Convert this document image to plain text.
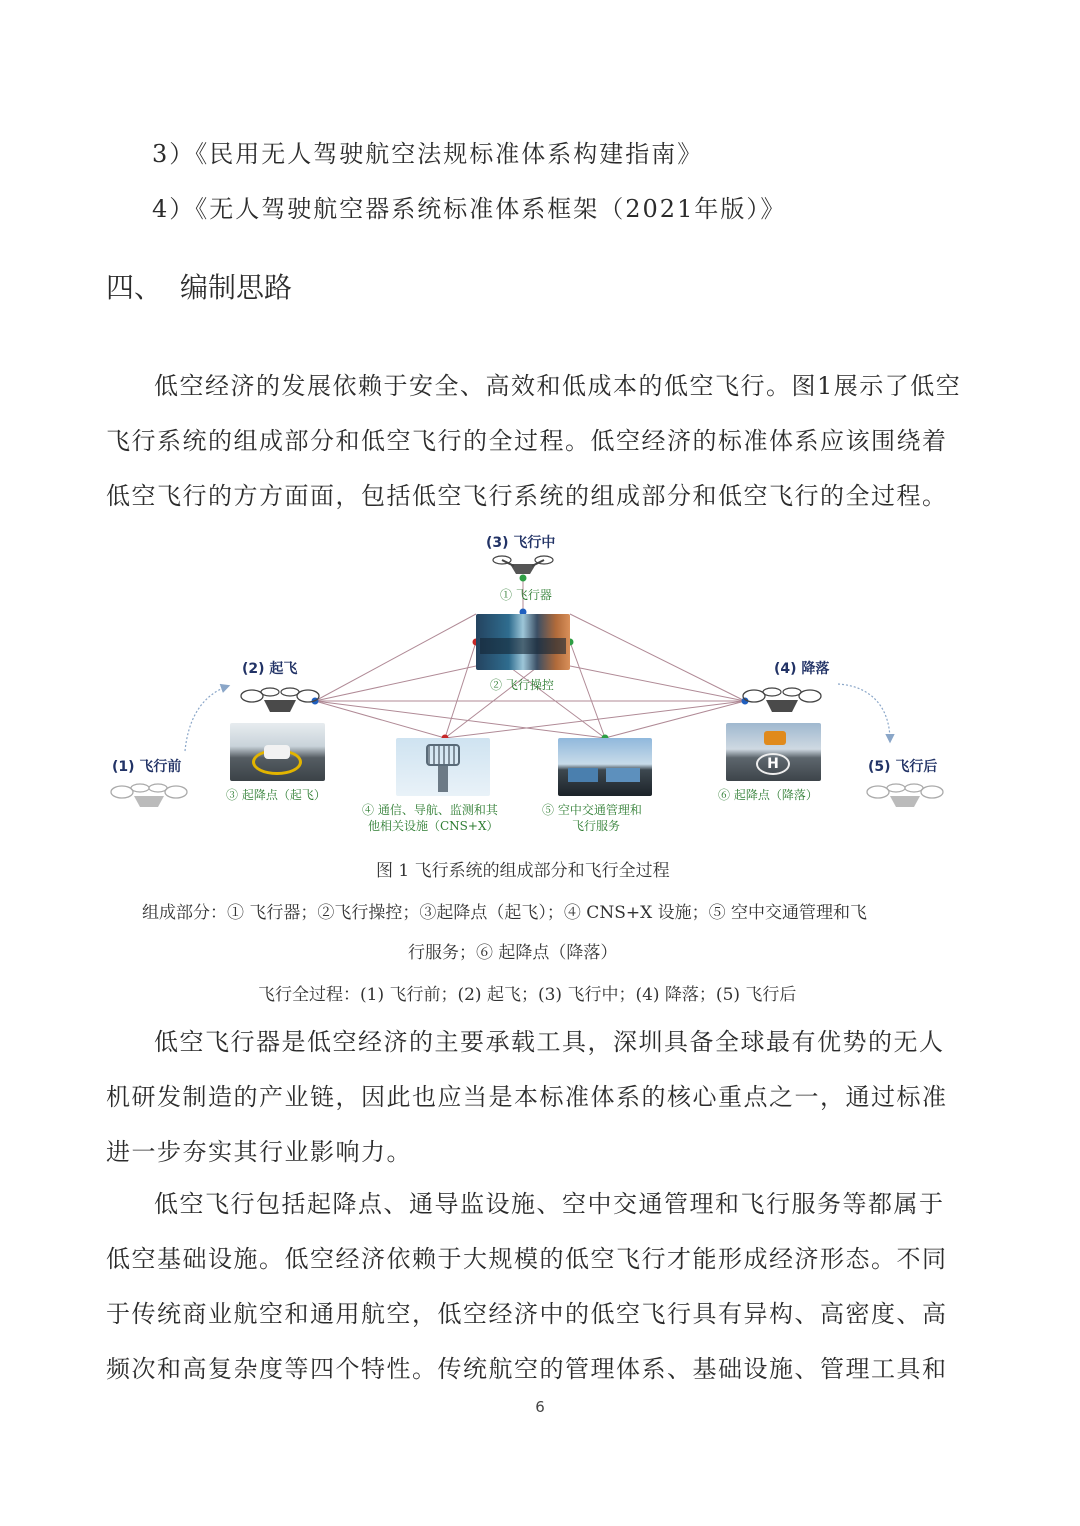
3）《民用无人驾驶航空法规标准体系构建指南》
4）《无人驾驶航空器系统标准体系框架（2021年版）》
四、 编制思路
低空经济的发展依赖于安全、高效和低成本的低空飞行。图1展示了低空
飞行系统的组成部分和低空飞行的全过程。低空经济的标准体系应该围绕着
低空飞行的方方面面，包括低空飞行系统的组成部分和低空飞行的全过程。
H
(3) 飞行中
(2) 起飞	(4) 降落
(1) 飞行前	(5) 飞行后
① 飞行器
② 飞行操控
③ 起降点（起飞）
④ 通信、导航、监测和其
他相关设施（CNS+X）
⑤ 空中交通管理和
飞行服务
⑥ 起降点（降落）
图 1 飞行系统的组成部分和飞行全过程
组成部分：① 飞行器；②飞行操控；③起降点（起飞）；④ CNS+X 设施；⑤ 空中交通管理和飞
行服务；⑥ 起降点（降落）
飞行全过程：(1) 飞行前；(2) 起飞；(3) 飞行中；(4) 降落；(5) 飞行后
低空飞行器是低空经济的主要承载工具，深圳具备全球最有优势的无人
机研发制造的产业链，因此也应当是本标准体系的核心重点之一，通过标准
进一步夯实其行业影响力。
低空飞行包括起降点、通导监设施、空中交通管理和飞行服务等都属于
低空基础设施。低空经济依赖于大规模的低空飞行才能形成经济形态。不同
于传统商业航空和通用航空，低空经济中的低空飞行具有异构、高密度、高
频次和高复杂度等四个特性。传统航空的管理体系、基础设施、管理工具和
6
